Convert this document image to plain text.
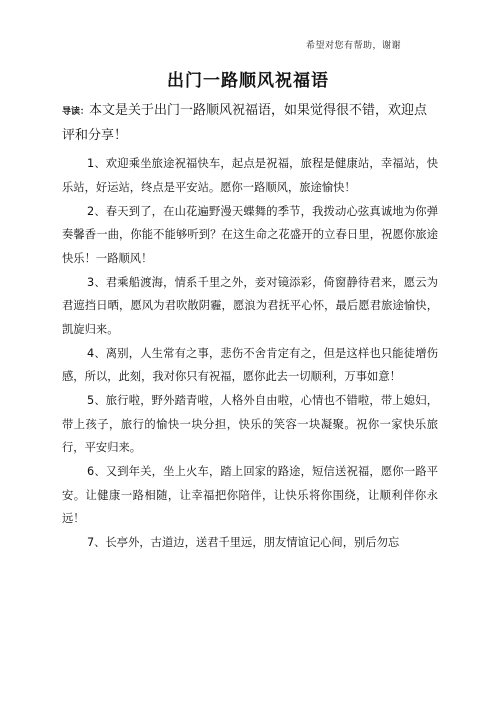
希望对您有帮助，谢谢
出门一路顺风祝福语
导读：本文是关于出门一路顺风祝福语，如果觉得很不错，欢迎点评和分享！

1、欢迎乘坐旅途祝福快车，起点是祝福，旅程是健康站，幸福站，快乐站，好运站，终点是平安站。愿你一路顺风，旅途愉快！

2、春天到了，在山花遍野漫天蝶舞的季节，我拨动心弦真诚地为你弹奏馨香一曲，你能不能够听到？在这生命之花盛开的立春日里，祝愿你旅途快乐！一路顺风！

3、君乘船渡海，情系千里之外，妾对镜添彩，倚窗静待君来，愿云为君遮挡日晒，愿风为君吹散阴霾，愿浪为君抚平心怀，最后愿君旅途愉快，凯旋归来。

4、离别，人生常有之事，悲伤不舍肯定有之，但是这样也只能徒增伤感，所以，此刻，我对你只有祝福，愿你此去一切顺利，万事如意！

5、旅行啦，野外踏青啦，人格外自由啦，心情也不错啦，带上媳妇，带上孩子，旅行的愉快一块分担，快乐的笑容一块凝聚。祝你一家快乐旅行，平安归来。

6、又到年关，坐上火车，踏上回家的路途，短信送祝福，愿你一路平安。让健康一路相随，让幸福把你陪伴，让快乐将你围绕，让顺利伴你永远！

7、长亭外，古道边，送君千里远，朋友情谊记心间，别后勿忘
